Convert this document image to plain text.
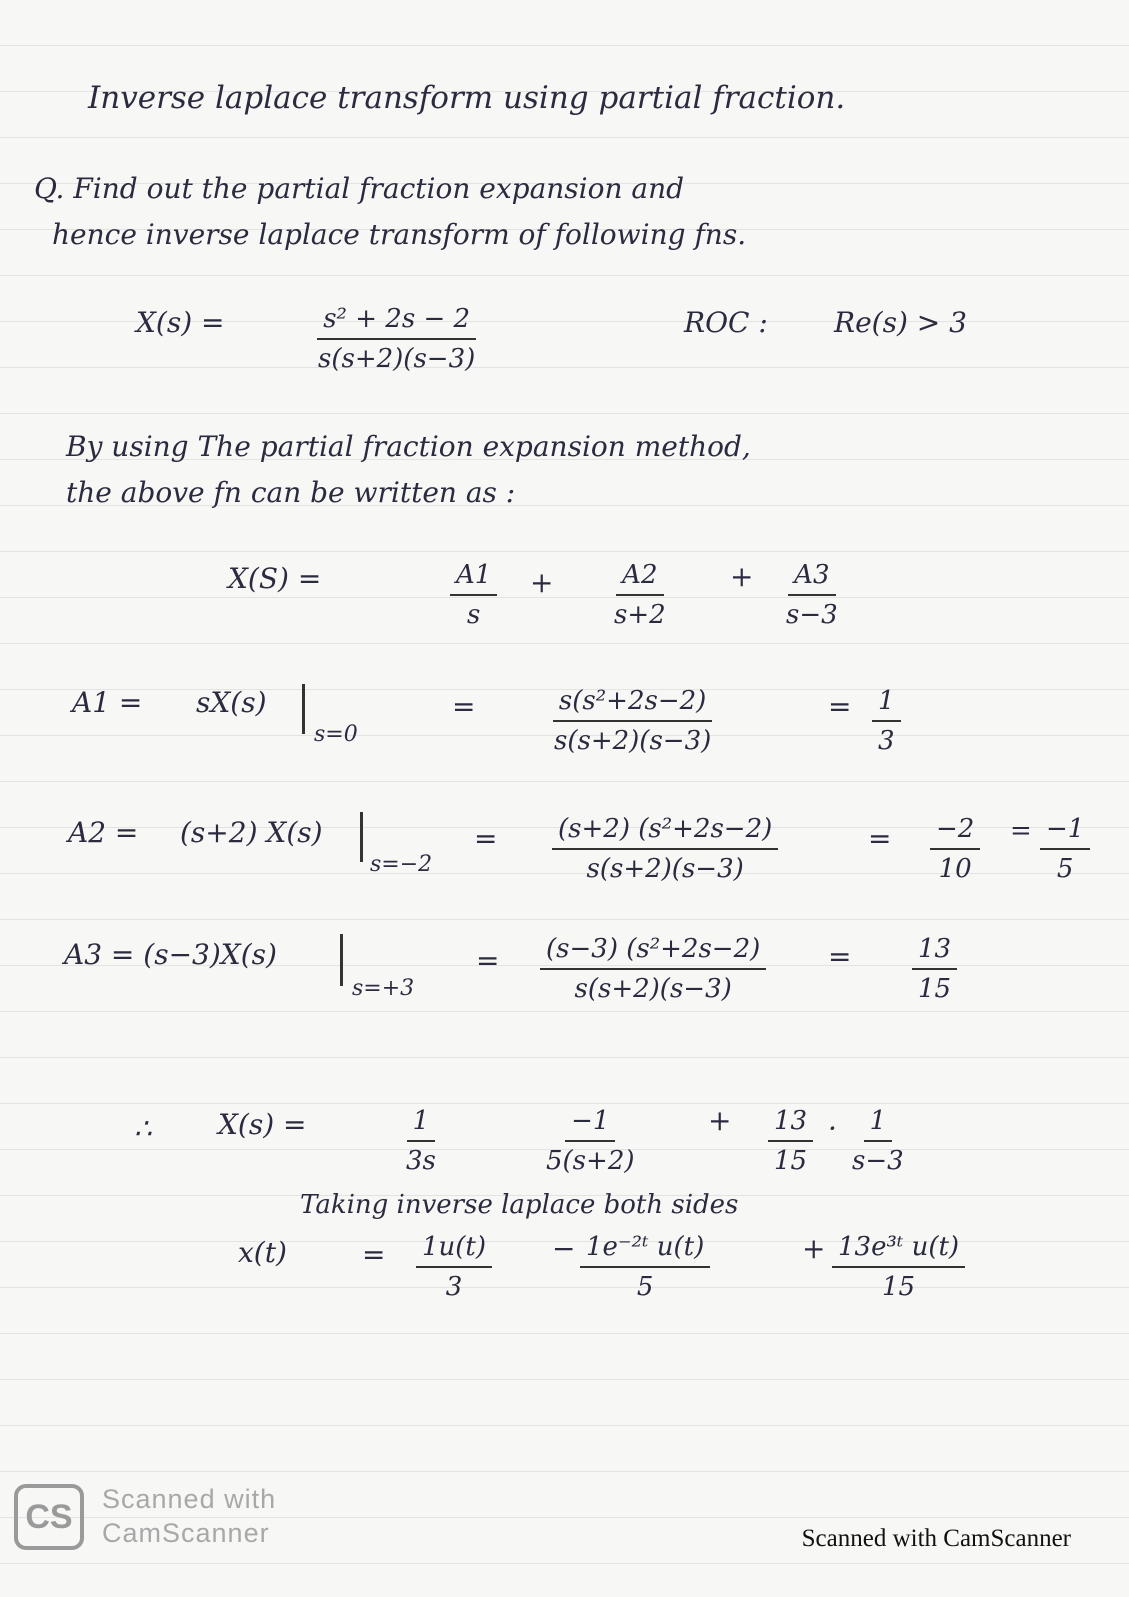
Inverse laplace transform using partial fraction.
Q. Find out the partial fraction expansion and
hence inverse laplace transform of following fns.
X(s) =	$\frac{\text{s² + 2s − 2}}{s(s+2)(s-3)}$	ROC : Re(s) > 3
By using The partial fraction expansion method,
the above fn can be written as :
X(S) =	$\frac{A1}{s} + \frac{A2}{s+2} + \frac{A3}{s-3}$
A1 = sX(s)
s=0
=	$\frac{\text{s(s²+2s−2)}}{s(s+2)(s-3)}$	= $\frac{1}{3}$
A2 = (s+2) X(s)
s=−2
= $\frac{\text{(s+2) (s²+2s−2)}}{s(s+2)(s-3)}$	= $\frac{-2}{10} = \frac{-1}{5}$
A3 = (s−3)X(s)
s=+3
= $\frac{\text{(s−3) (s²+2s−2)}}{s(s+2)(s-3)} = \frac{13}{15}$
∴ X(s) =	$\frac{1}{3s}$	$\frac{-1}{5(s+2)} + \frac{13}{15} \cdot \frac{1}{s-3}$
Taking inverse laplace both sides
x(t)	= $\frac{1u(t)}{3} - \frac{\text{1e⁻²ᵗ u(t)}}{5}$	+ $\frac{\text{13e³ᵗ u(t)}}{15}$
CS Scanned with
CamScanner	Scanned with CamScanner
